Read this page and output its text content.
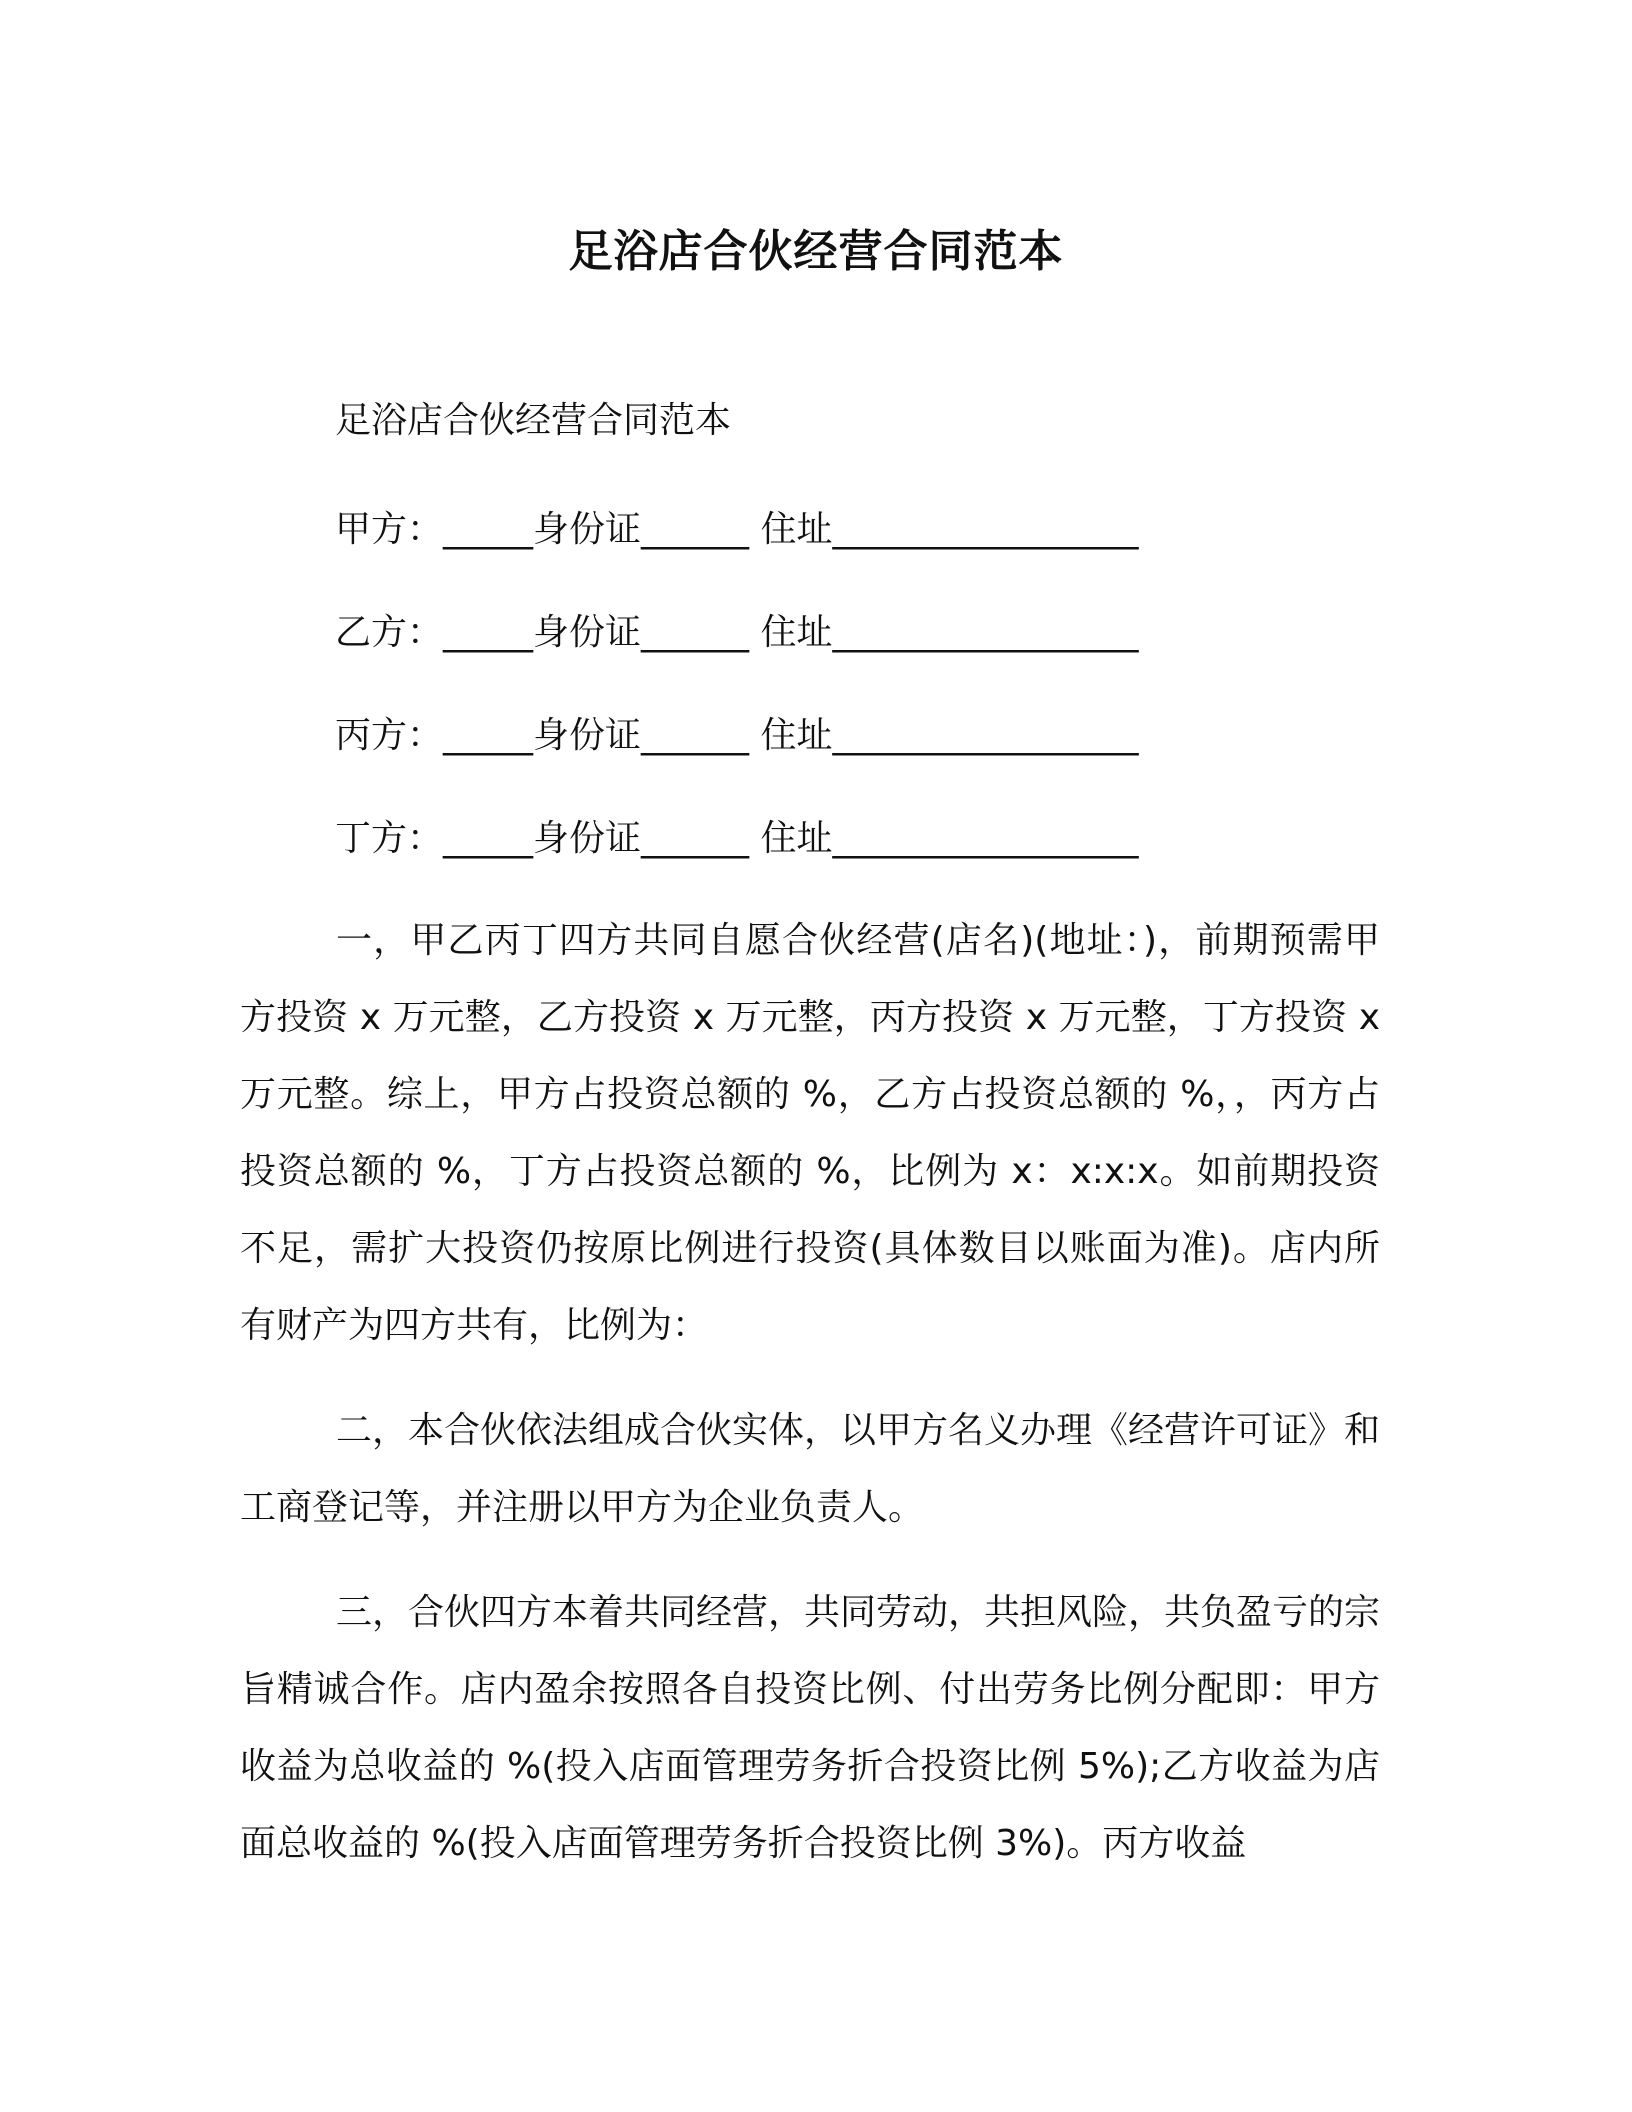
足浴店合伙经营合同范本
足浴店合伙经营合同范本
甲方：_____身份证______ 住址_________________
乙方：_____身份证______ 住址_________________
丙方：_____身份证______ 住址_________________
丁方：_____身份证______ 住址_________________

一，甲乙丙丁四方共同自愿合伙经营(店名)(地址：)，前期预需甲方投资 x 万元整，乙方投资 x 万元整，丙方投资 x 万元整，丁方投资 x 万元整。综上，甲方占投资总额的 %，乙方占投资总额的 %，，丙方占投资总额的 %，丁方占投资总额的 %，比例为 x：x:x:x。如前期投资不足，需扩大投资仍按原比例进行投资(具体数目以账面为准)。店内所有财产为四方共有，比例为：

二，本合伙依法组成合伙实体，以甲方名义办理《经营许可证》和工商登记等，并注册以甲方为企业负责人。

三，合伙四方本着共同经营，共同劳动，共担风险，共负盈亏的宗旨精诚合作。店内盈余按照各自投资比例、付出劳务比例分配即：甲方收益为总收益的 %(投入店面管理劳务折合投资比例 5%);乙方收益为店面总收益的 %(投入店面管理劳务折合投资比例 3%)。丙方收益
